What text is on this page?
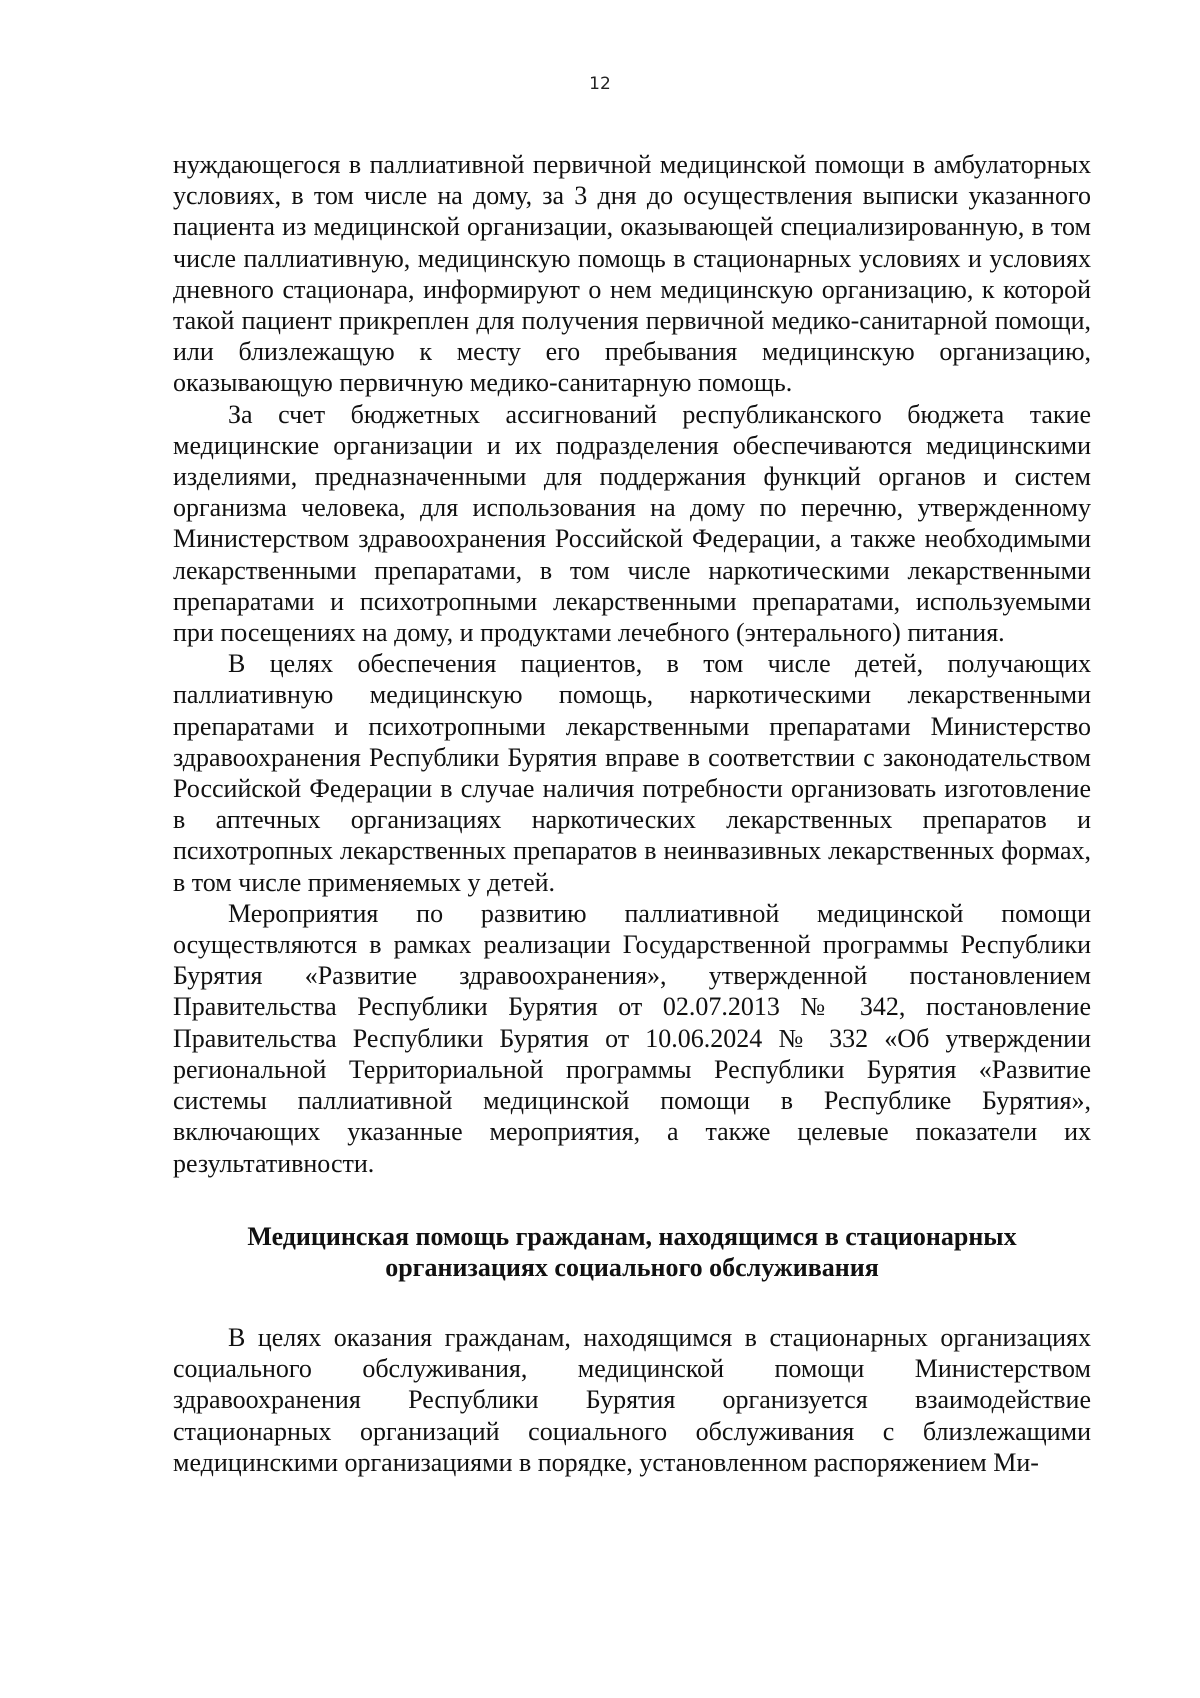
12

нуждающегося в паллиативной первичной медицинской помощи в амбулаторных условиях, в том числе на дому, за 3 дня до осуществления выписки указанного пациента из медицинской организации, оказывающей специализированную, в том числе паллиативную, медицинскую помощь в стационарных условиях и условиях дневного стационара, информируют о нем медицинскую организацию, к которой такой пациент прикреплен для получения первичной медико-санитарной помощи, или близлежащую к месту его пребывания медицинскую организацию, оказывающую первичную медико-санитарную помощь.

За счет бюджетных ассигнований республиканского бюджета такие медицинские организации и их подразделения обеспечиваются медицинскими изделиями, предназначенными для поддержания функций органов и систем организма человека, для использования на дому по перечню, утвержденному Министерством здравоохранения Российской Федерации, а также необходимыми лекарственными препаратами, в том числе наркотическими лекарственными препаратами и психотропными лекарственными препаратами, используемыми при посещениях на дому, и продуктами лечебного (энтерального) питания.

В целях обеспечения пациентов, в том числе детей, получающих паллиативную медицинскую помощь, наркотическими лекарственными препаратами и психотропными лекарственными препаратами Министерство здравоохранения Республики Бурятия вправе в соответствии с законодательством Российской Федерации в случае наличия потребности организовать изготовление в аптечных организациях наркотических лекарственных препаратов и психотропных лекарственных препаратов в неинвазивных лекарственных формах, в том числе применяемых у детей.

Мероприятия по развитию паллиативной медицинской помощи осуществляются в рамках реализации Государственной программы Республики Бурятия «Развитие здравоохранения», утвержденной постановлением Правительства Республики Бурятия от 02.07.2013 № 342, постановление Правительства Республики Бурятия от 10.06.2024 № 332 «Об утверждении региональной Территориальной программы Республики Бурятия «Развитие системы паллиативной медицинской помощи в Республике Бурятия», включающих указанные мероприятия, а также целевые показатели их результативности.

Медицинская помощь гражданам, находящимся в стационарных
организациях социального обслуживания

В целях оказания гражданам, находящимся в стационарных организациях социального обслуживания, медицинской помощи Министерством здравоохранения Республики Бурятия организуется взаимодействие стационарных организаций социального обслуживания с близлежащими медицинскими организациями в порядке, установленном распоряжением Ми-
